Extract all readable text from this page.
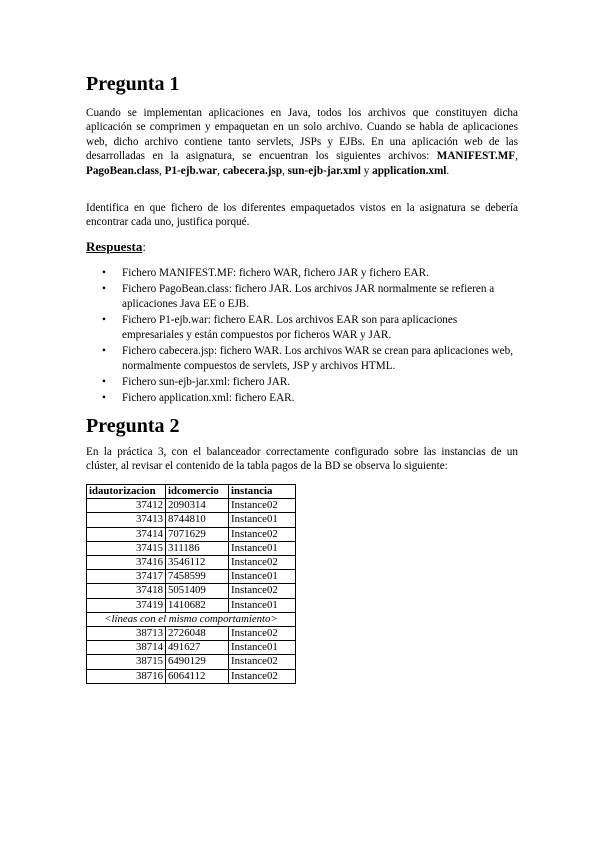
Pregunta 1

Cuando se implementan aplicaciones en Java, todos los archivos que constituyen dicha aplicación se comprimen y empaquetan en un solo archivo. Cuando se habla de aplicaciones web, dicho archivo contiene tanto servlets, JSPs y EJBs. En una aplicación web de las desarrolladas en la asignatura, se encuentran los siguientes archivos: MANIFEST.MF, PagoBean.class, P1-ejb.war, cabecera.jsp, sun-ejb-jar.xml y application.xml.

Identifica en que fichero de los diferentes empaquetados vistos en la asignatura se debería encontrar cada uno, justifica porqué.

Respuesta:
• Fichero MANIFEST.MF: fichero WAR, fichero JAR y fichero EAR.
• Fichero PagoBean.class: fichero JAR. Los archivos JAR normalmente se refieren a aplicaciones Java EE o EJB.
• Fichero P1-ejb.war: fichero EAR. Los archivos EAR son para aplicaciones empresariales y están compuestos por ficheros WAR y JAR.
• Fichero cabecera.jsp: fichero WAR. Los archivos WAR se crean para aplicaciones web, normalmente compuestos de servlets, JSP y archivos HTML.
• Fichero sun-ejb-jar.xml: fichero JAR.
• Fichero application.xml: fichero EAR.
Pregunta 2

En la práctica 3, con el balanceador correctamente configurado sobre las instancias de un clúster, al revisar el contenido de la tabla pagos de la BD se observa lo siguiente:

idautorizacion	idcomercio	instancia
37412	2090314	Instance02
37413	8744810	Instance01
37414	7071629	Instance02
37415	311186	Instance01
37416	3546112	Instance02
37417	7458599	Instance01
37418	5051409	Instance02
37419	1410682	Instance01
<líneas con el mismo comportamiento>		
38713	2726048	Instance02
38714	491627	Instance01
38715	6490129	Instance02
38716	6064112	Instance02
